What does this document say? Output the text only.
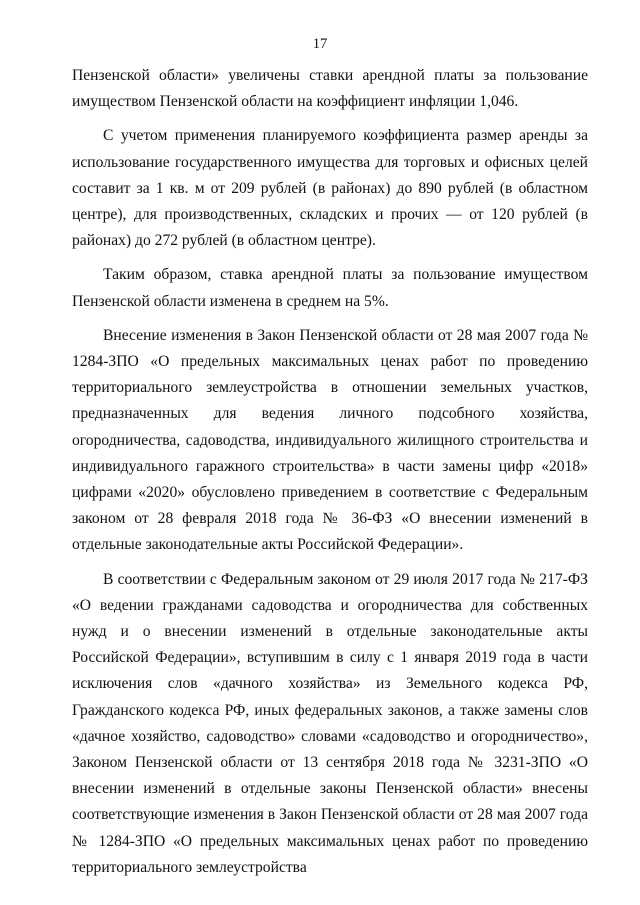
17

Пензенской области» увеличены ставки арендной платы за пользование имуществом Пензенской области на коэффициент инфляции 1,046.

С учетом применения планируемого коэффициента размер аренды за использование государственного имущества для торговых и офисных целей составит за 1 кв. м от 209 рублей (в районах) до 890 рублей (в областном центре), для производственных, складских и прочих — от 120 рублей (в районах) до 272 рублей (в областном центре).

Таким образом, ставка арендной платы за пользование имуществом Пензенской области изменена в среднем на 5%.

Внесение изменения в Закон Пензенской области от 28 мая 2007 года № 1284-ЗПО «О предельных максимальных ценах работ по проведению территориального землеустройства в отношении земельных участков, предназначенных для ведения личного подсобного хозяйства, огородничества, садоводства, индивидуального жилищного строительства и индивидуального гаражного строительства» в части замены цифр «2018» цифрами «2020» обусловлено приведением в соответствие с Федеральным законом от 28 февраля 2018 года № 36-ФЗ «О внесении изменений в отдельные законодательные акты Российской Федерации».

В соответствии с Федеральным законом от 29 июля 2017 года № 217-ФЗ «О ведении гражданами садоводства и огородничества для собственных нужд и о внесении изменений в отдельные законодательные акты Российской Федерации», вступившим в силу с 1 января 2019 года в части исключения слов «дачного хозяйства» из Земельного кодекса РФ, Гражданского кодекса РФ, иных федеральных законов, а также замены слов «дачное хозяйство, садоводство» словами «садоводство и огородничество», Законом Пензенской области от 13 сентября 2018 года № 3231-ЗПО «О внесении изменений в отдельные законы Пензенской области» внесены соответствующие изменения в Закон Пензенской области от 28 мая 2007 года № 1284-ЗПО «О предельных максимальных ценах работ по проведению территориального землеустройства
